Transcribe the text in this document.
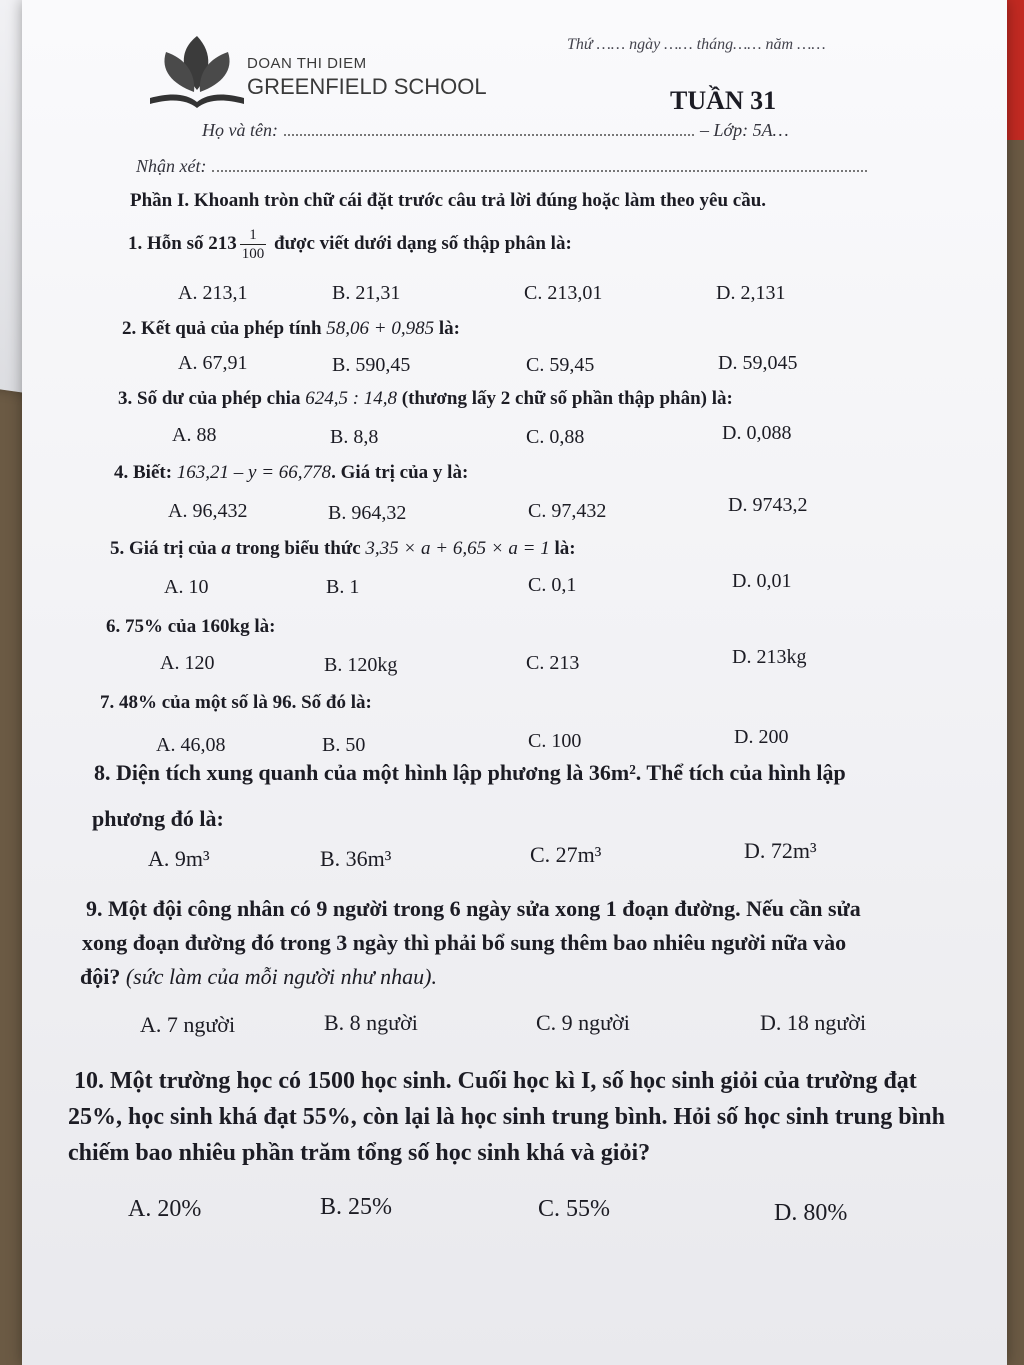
DOAN THI DIEM
GREENFIELD SCHOOL
Thứ …… ngày …… tháng…… năm ……
TUẦN 31
Họ và tên:	– Lớp: 5A…
Nhận xét:
Phần I. Khoanh tròn chữ cái đặt trước câu trả lời đúng hoặc làm theo yêu cầu.
1. Hỗn số $213 \frac{1}{100}$ được viết dưới dạng số thập phân là:
A. 213,1	B. 21,31	C. 213,01	D. 2,131
2. Kết quả của phép tính 58,06 + 0,985 là:
A. 67,91	B. 590,45	C. 59,45	D. 59,045
3. Số dư của phép chia 624,5 : 14,8 (thương lấy 2 chữ số phần thập phân) là:
A. 88	B. 8,8	C. 0,88	D. 0,088
4. Biết: 163,21 – y = 66,778. Giá trị của y là:
A. 96,432	B. 964,32	C. 97,432	D. 9743,2
5. Giá trị của a trong biểu thức 3,35 × a + 6,65 × a = 1 là:
A. 10	B. 1	C. 0,1	D. 0,01
6. 75% của 160kg là:
A. 120	B. 120kg	C. 213	D. 213kg
7. 48% của một số là 96. Số đó là:
A. 46,08	B. 50	C. 100	D. 200
8. Diện tích xung quanh của một hình lập phương là 36m². Thể tích của hình lập
phương đó là:
A. 9m³	B. 36m³	C. 27m³	D. 72m³
9. Một đội công nhân có 9 người trong 6 ngày sửa xong 1 đoạn đường. Nếu cần sửa
xong đoạn đường đó trong 3 ngày thì phải bổ sung thêm bao nhiêu người nữa vào
đội? (sức làm của mỗi người như nhau).
A. 7 người	B. 8 người	C. 9 người	D. 18 người
10. Một trường học có 1500 học sinh. Cuối học kì I, số học sinh giỏi của trường đạt
25%, học sinh khá đạt 55%, còn lại là học sinh trung bình. Hỏi số học sinh trung bình
chiếm bao nhiêu phần trăm tổng số học sinh khá và giỏi?
A. 20%	B. 25%	C. 55%	D. 80%
